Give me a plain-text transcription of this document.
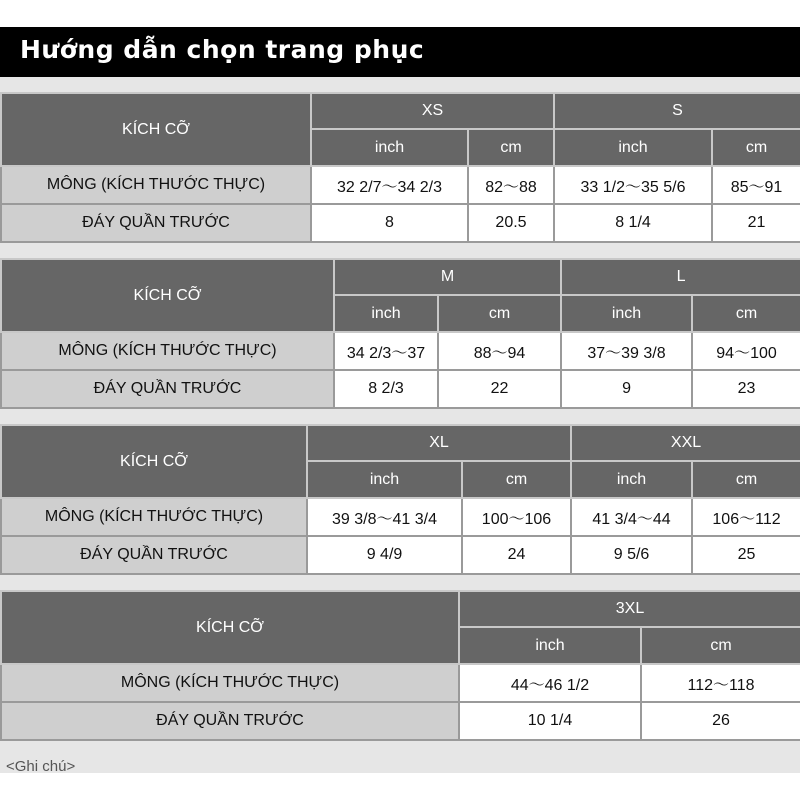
Hướng dẫn chọn trang phục
KÍCH CỠ	XS		S	
	inch	cm	inch	cm
MÔNG (KÍCH THƯỚC THỰC)	32 2/7～34 2/3	82～88	33 1/2～35 5/6	85～91
ĐÁY QUẦN TRƯỚC	8	20.5	8 1/4	21
KÍCH CỠ	M		L	
	inch	cm	inch	cm
MÔNG (KÍCH THƯỚC THỰC)	34 2/3～37	88～94	37～39 3/8	94～100
ĐÁY QUẦN TRƯỚC	8 2/3	22	9	23
KÍCH CỠ	XL		XXL	
	inch	cm	inch	cm
MÔNG (KÍCH THƯỚC THỰC)	39 3/8～41 3/4	100～106	41 3/4～44	106～112
ĐÁY QUẦN TRƯỚC	9 4/9	24	9 5/6	25
KÍCH CỠ	3XL	
	inch	cm
MÔNG (KÍCH THƯỚC THỰC)	44～46 1/2	112～118
ĐÁY QUẦN TRƯỚC	10 1/4	26
<Ghi chú>
